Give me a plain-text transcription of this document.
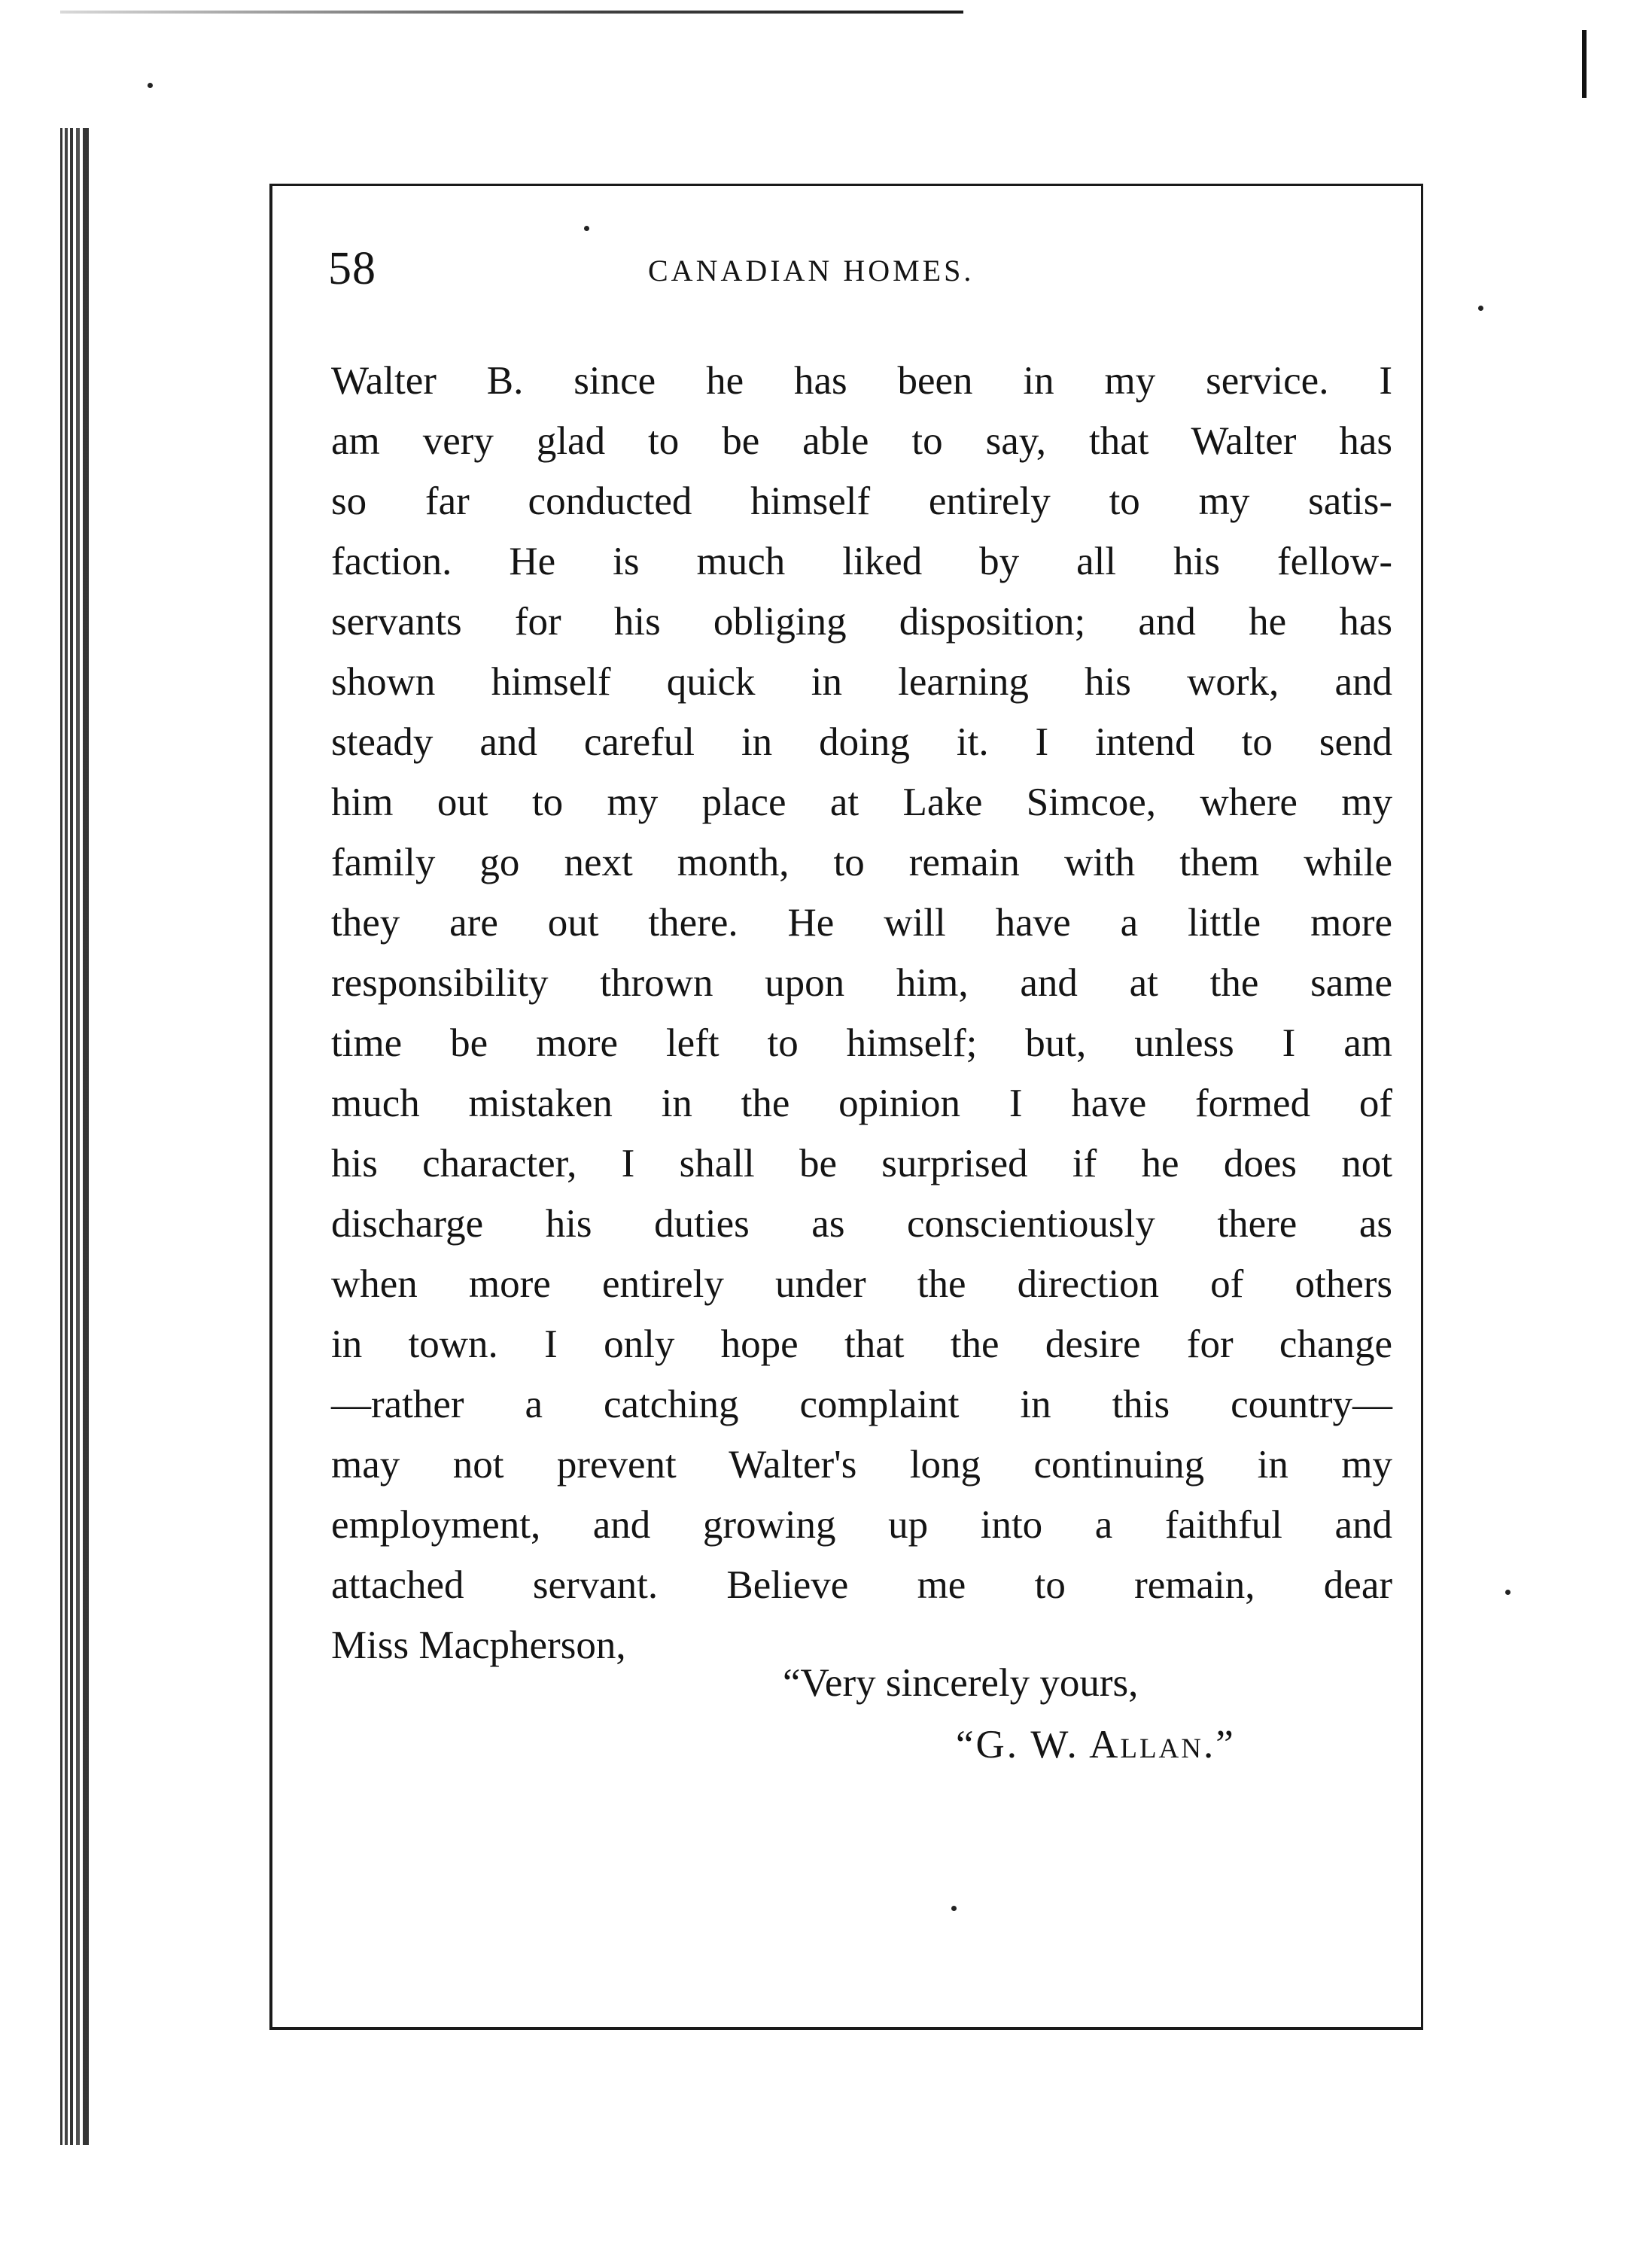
58	CANADIAN HOMES.
Walter B. since he has been in my service. I
am very glad to be able to say, that Walter has
so far conducted himself entirely to my satis-
faction. He is much liked by all his fellow-
servants for his obliging disposition; and he has
shown himself quick in learning his work, and
steady and careful in doing it. I intend to send
him out to my place at Lake Simcoe, where my
family go next month, to remain with them while
they are out there. He will have a little more
responsibility thrown upon him, and at the same
time be more left to himself; but, unless I am
much mistaken in the opinion I have formed of
his character, I shall be surprised if he does not
discharge his duties as conscientiously there as
when more entirely under the direction of others
in town. I only hope that the desire for change
—rather a catching complaint in this country—
may not prevent Walter's long continuing in my
employment, and growing up into a faithful and
attached servant. Believe me to remain, dear
Miss Macpherson,
“Very sincerely yours,
“G. W. Allan.”
